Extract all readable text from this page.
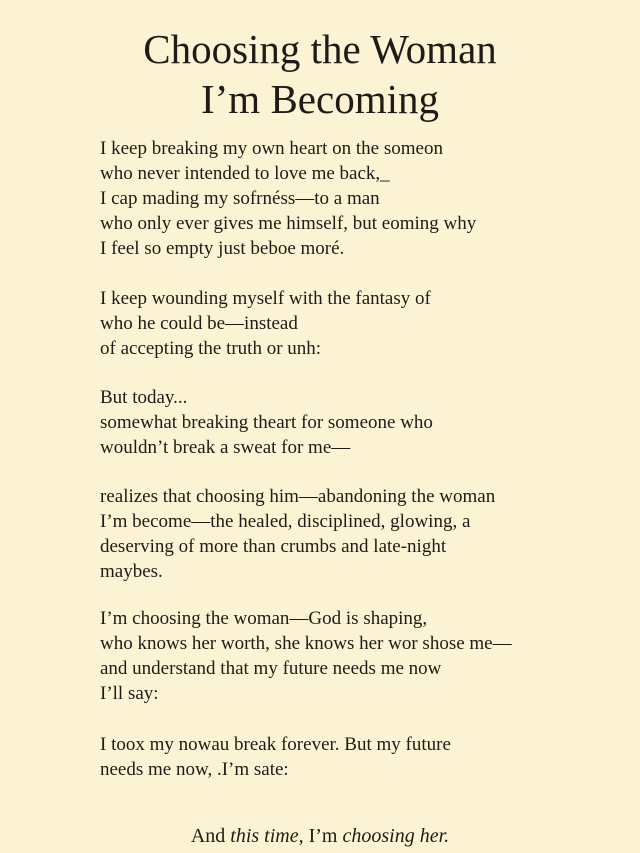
Choosing the Woman
I’m Becoming
I keep breaking my own heart on the someon
who never intended to love me back,_
I cap mading my sofrnéss—to a man
who only ever gives me himself, but eoming why
I feel so empty just beboe moré.
I keep wounding myself with the fantasy of
who he could be—instead
of accepting the truth or unh:
But today...
somewhat breaking theart for someone who
wouldn’t break a sweat for me—
realizes that choosing him—abandoning the woman
I’m become—the healed, disciplined, glowing, a
deserving of more than crumbs and late-night
maybes.
I’m choosing the woman—God is shaping,
who knows her worth, she knows her wor shose me—
and understand that my future needs me now
I’ll say:
I toox my nowau break forever. But my future
needs me now, .I’m sate:

And this time, I’m choosing her.
